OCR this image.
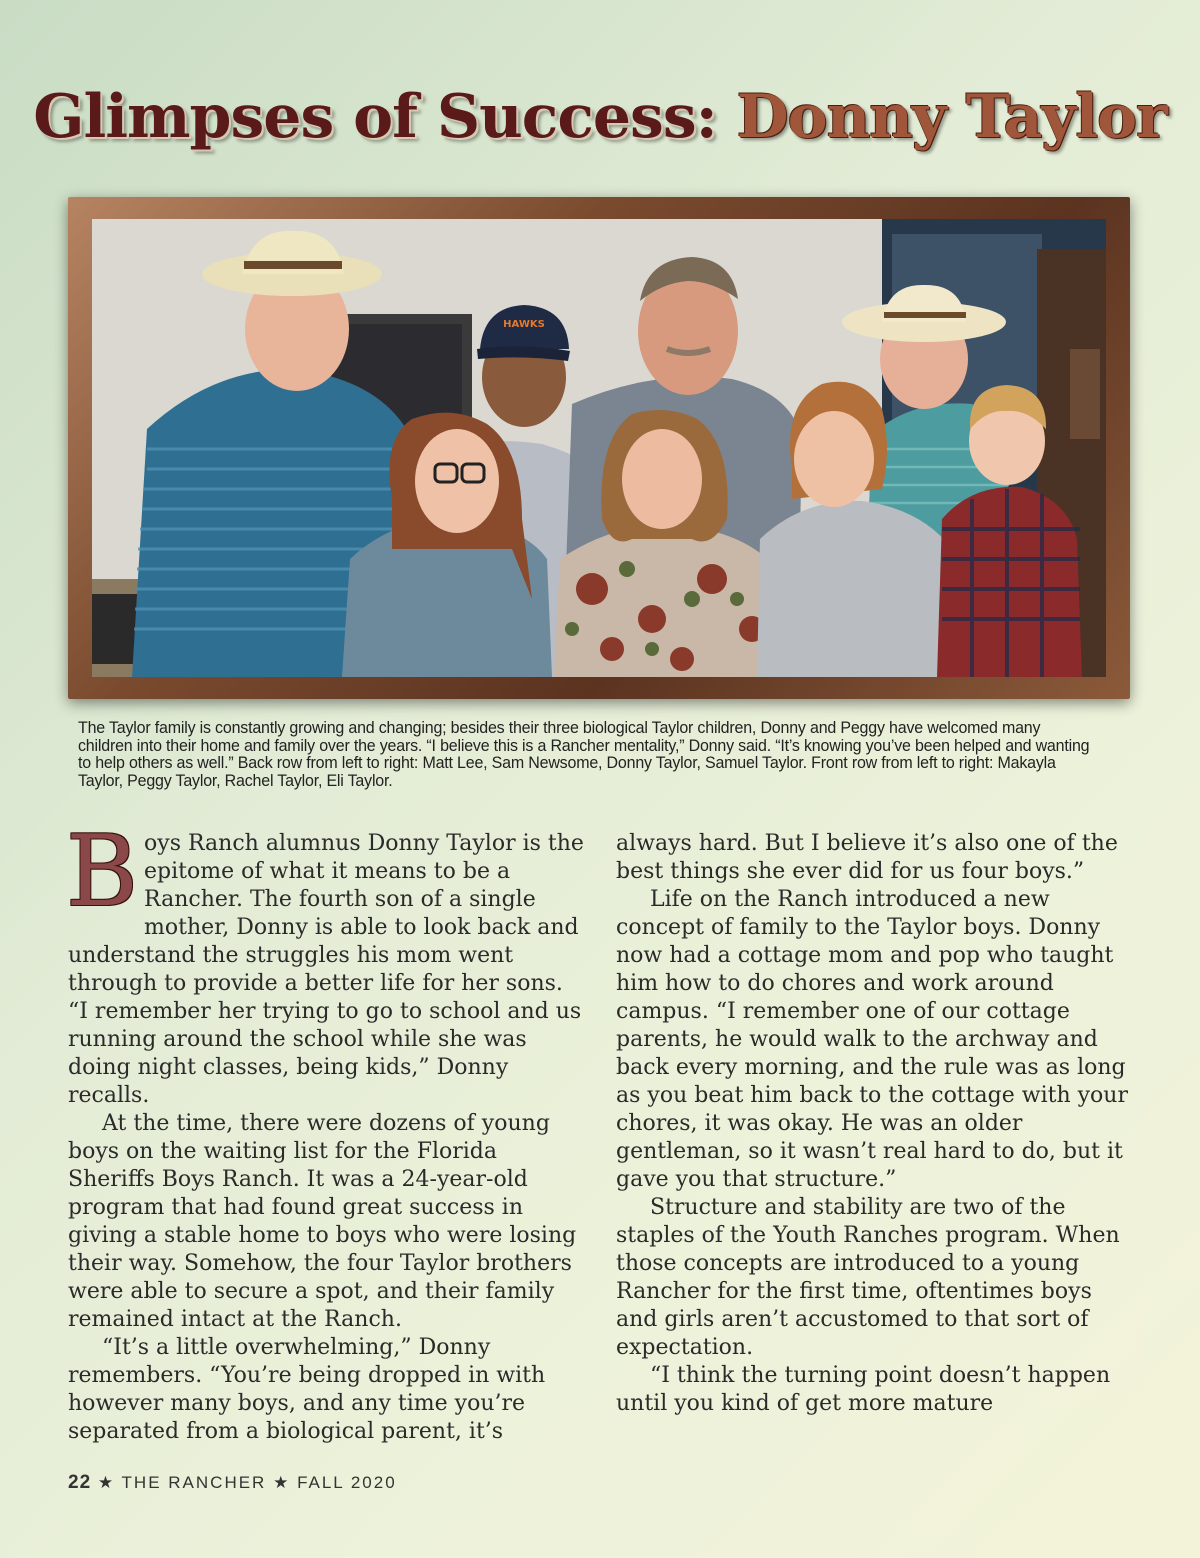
Glimpses of Success: Donny Taylor
HAWKS
The Taylor family is constantly growing and changing; besides their three biological Taylor children, Donny and Peggy have welcomed many children into their home and family over the years. “I believe this is a Rancher mentality,” Donny said. “It’s knowing you’ve been helped and wanting to help others as well.” Back row from left to right: Matt Lee, Sam Newsome, Donny Taylor, Samuel Taylor. Front row from left to right: Makayla Taylor, Peggy Taylor, Rachel Taylor, Eli Taylor.

Boys Ranch alumnus Donny Taylor is the epitome of what it means to be a Rancher. The fourth son of a single mother, Donny is able to look back and understand the struggles his mom went through to provide a better life for her sons. “I remember her trying to go to school and us running around the school while she was doing night classes, being kids,” Donny recalls.

At the time, there were dozens of young boys on the waiting list for the Florida Sheriffs Boys Ranch. It was a 24-year-old program that had found great success in giving a stable home to boys who were losing their way. Somehow, the four Taylor brothers were able to secure a spot, and their family remained intact at the Ranch.

“It’s a little overwhelming,” Donny remembers. “You’re being dropped in with however many boys, and any time you’re separated from a biological parent, it’s

always hard. But I believe it’s also one of the best things she ever did for us four boys.”

Life on the Ranch introduced a new concept of family to the Taylor boys. Donny now had a cottage mom and pop who taught him how to do chores and work around campus. “I remember one of our cottage parents, he would walk to the archway and back every morning, and the rule was as long as you beat him back to the cottage with your chores, it was okay. He was an older gentleman, so it wasn’t real hard to do, but it gave you that structure.”

Structure and stability are two of the staples of the Youth Ranches program. When those concepts are introduced to a young Rancher for the first time, oftentimes boys and girls aren’t accustomed to that sort of expectation.

“I think the turning point doesn’t happen until you kind of get more mature

22 ★ THE RANCHER ★ FALL 2020
